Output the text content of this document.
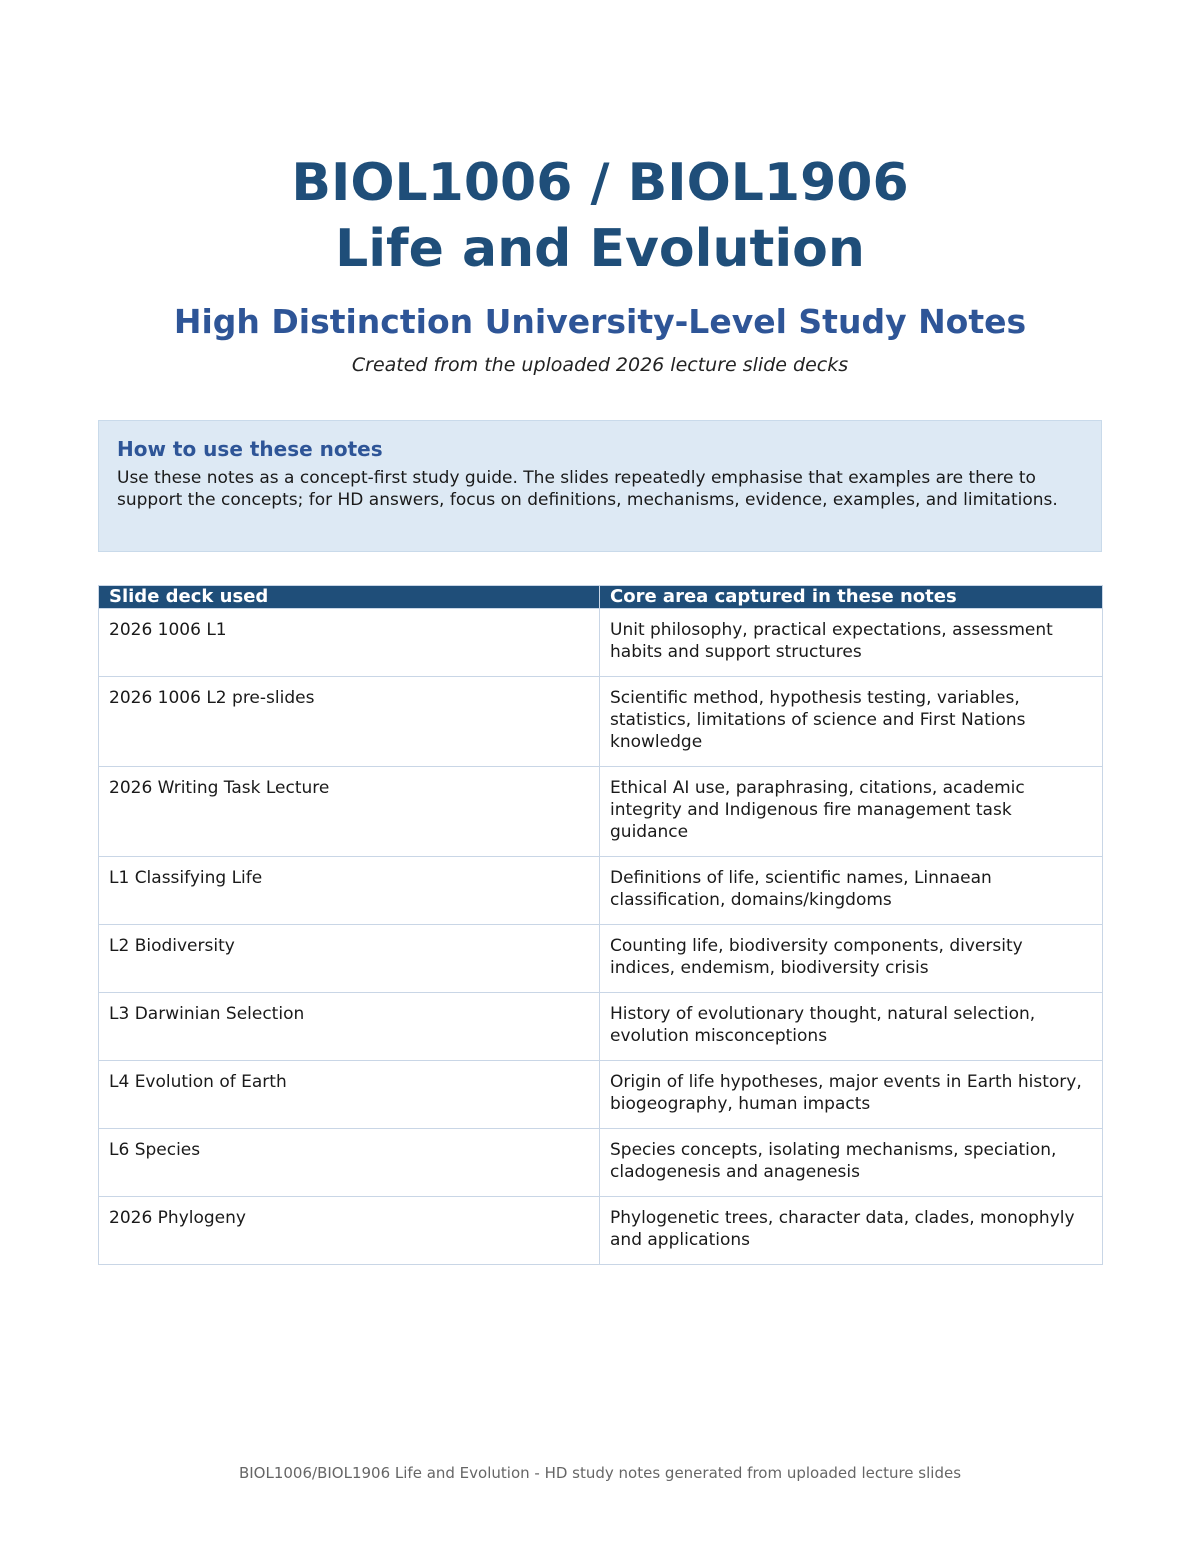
BIOL1006 / BIOL1906
Life and Evolution
High Distinction University-Level Study Notes
Created from the uploaded 2026 lecture slide decks
How to use these notes

Use these notes as a concept-first study guide. The slides repeatedly emphasise that examples are there to support the concepts; for HD answers, focus on definitions, mechanisms, evidence, examples, and limitations.

Slide deck used	Core area captured in these notes
2026 1006 L1	Unit philosophy, practical expectations, assessment habits and support structures
2026 1006 L2 pre-slides	Scientific method, hypothesis testing, variables, statistics, limitations of science and First Nations knowledge
2026 Writing Task Lecture	Ethical AI use, paraphrasing, citations, academic integrity and Indigenous fire management task guidance
L1 Classifying Life	Definitions of life, scientific names, Linnaean classification, domains/kingdoms
L2 Biodiversity	Counting life, biodiversity components, diversity indices, endemism, biodiversity crisis
L3 Darwinian Selection	History of evolutionary thought, natural selection, evolution misconceptions
L4 Evolution of Earth	Origin of life hypotheses, major events in Earth history, biogeography, human impacts
L6 Species	Species concepts, isolating mechanisms, speciation, cladogenesis and anagenesis
2026 Phylogeny	Phylogenetic trees, character data, clades, monophyly and applications
BIOL1006/BIOL1906 Life and Evolution - HD study notes generated from uploaded lecture slides
